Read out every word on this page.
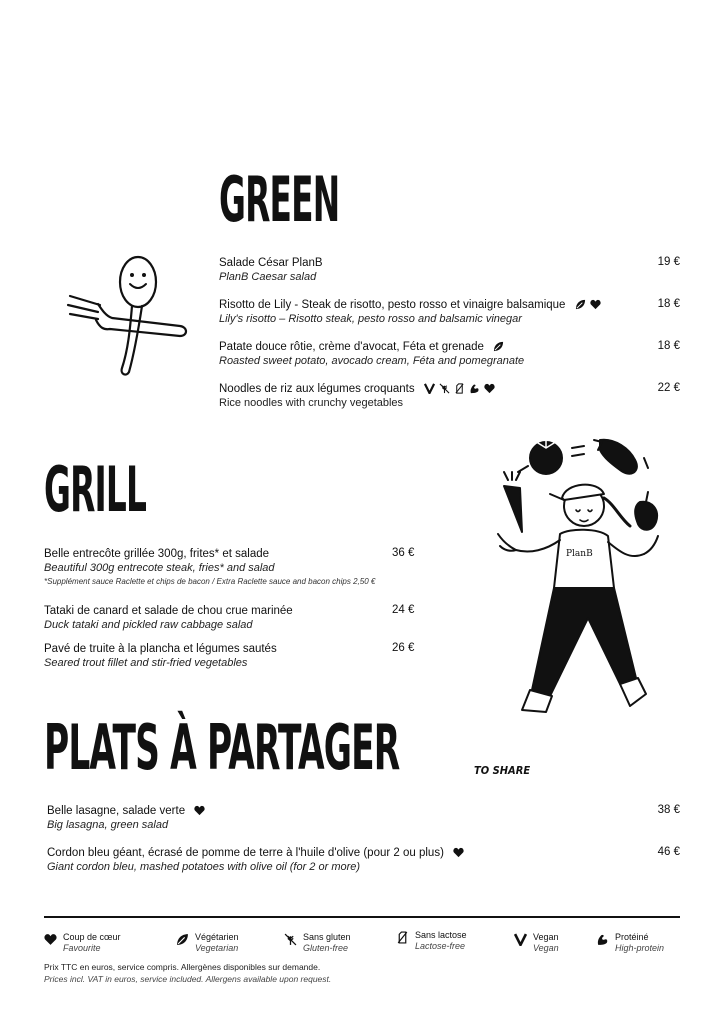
GREEN
Salade César PlanB
PlanB Caesar salad
19 €
Risotto de Lily - Steak de risotto, pesto rosso et vinaigre balsamique
Lily's risotto – Risotto steak, pesto rosso and balsamic vinegar
18 €
Patate douce rôtie, crème d'avocat, Féta et grenade
Roasted sweet potato, avocado cream, Féta and pomegranate
18 €
Noodles de riz aux légumes croquants
Rice noodles with crunchy vegetables
22 €
GRILL
Belle entrecôte grillée 300g, frites* et salade
Beautiful 300g entrecote steak, fries* and salad
36 €
*Supplément sauce Raclette et chips de bacon / Extra Raclette sauce and bacon chips 2,50 €
Tataki de canard et salade de chou crue marinée
Duck tataki and pickled raw cabbage salad
24 €
Pavé de truite à la plancha et légumes sautés
Seared trout fillet and stir-fried vegetables
26 €
PlanB
PLATS À PARTAGER	TO SHARE
Belle lasagne, salade verte
Big lasagna, green salad
38 €
Cordon bleu géant, écrasé de pomme de terre à l'huile d'olive (pour 2 ou plus)
Giant cordon bleu, mashed potatoes with olive oil (for 2 or more)
46 €
Coup de cœur
Favourite
Végétarien
Vegetarian
Sans gluten
Gluten-free
Sans lactose
Lactose-free
Vegan
Vegan
Protéiné
High-protein
Prix TTC en euros, service compris. Allergènes disponibles sur demande.
Prices incl. VAT in euros, service included. Allergens available upon request.
